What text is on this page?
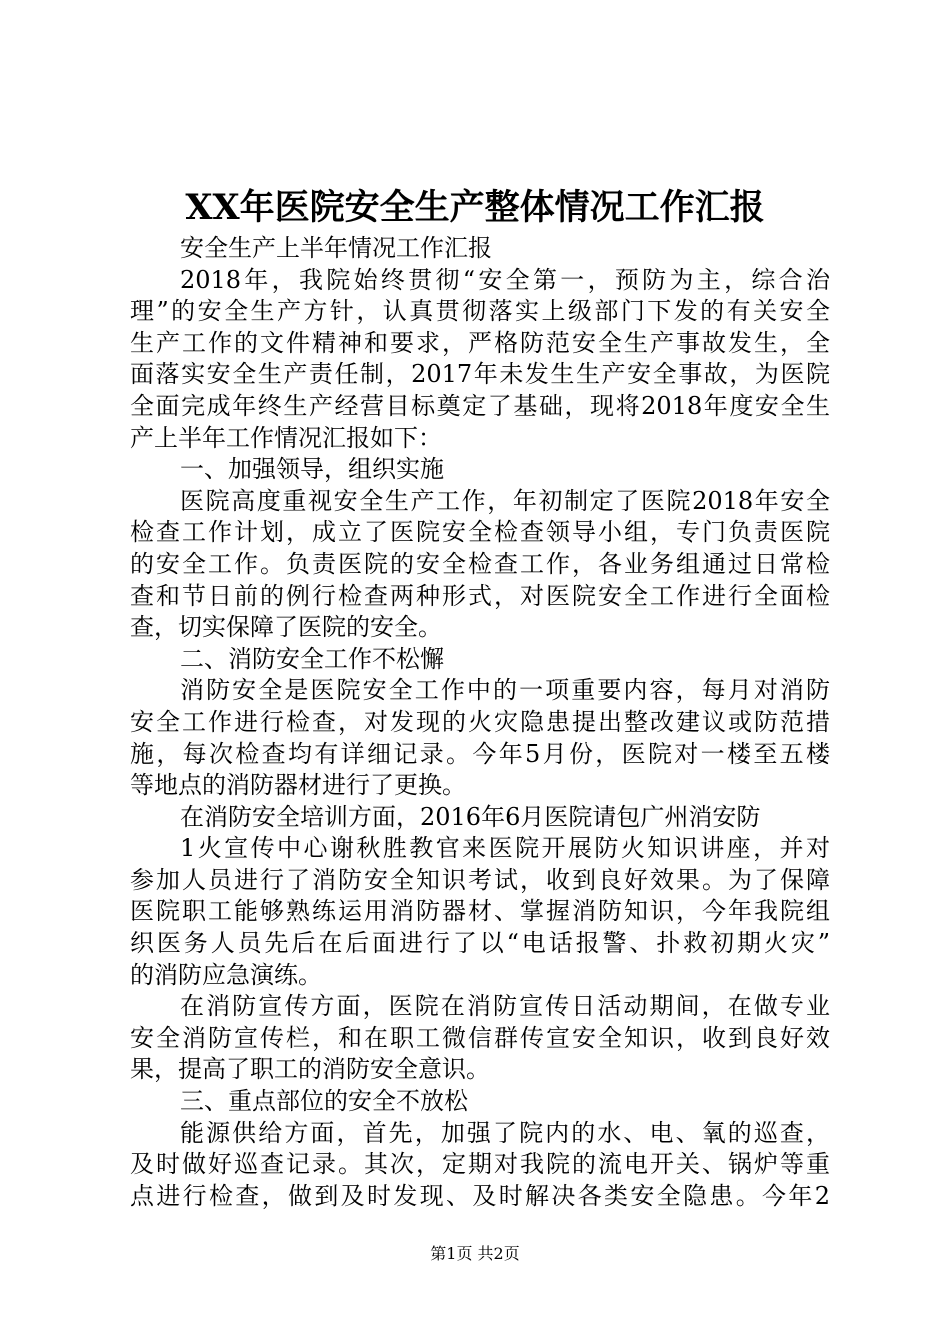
XX年医院安全生产整体情况工作汇报
安全生产上半年情况工作汇报
2018年，我院始终贯彻“安全第一，预防为主，综合治
理”的安全生产方针，认真贯彻落实上级部门下发的有关安全
生产工作的文件精神和要求，严格防范安全生产事故发生，全
面落实安全生产责任制，2017年未发生生产安全事故，为医院
全面完成年终生产经营目标奠定了基础，现将2018年度安全生
产上半年工作情况汇报如下：
一、加强领导，组织实施
医院高度重视安全生产工作，年初制定了医院2018年安全
检查工作计划，成立了医院安全检查领导小组，专门负责医院
的安全工作。负责医院的安全检查工作，各业务组通过日常检
查和节日前的例行检查两种形式，对医院安全工作进行全面检
查，切实保障了医院的安全。
二、消防安全工作不松懈
消防安全是医院安全工作中的一项重要内容，每月对消防
安全工作进行检查，对发现的火灾隐患提出整改建议或防范措
施，每次检查均有详细记录。今年5月份，医院对一楼至五楼
等地点的消防器材进行了更换。
在消防安全培训方面，2016年6月医院请包广州消安防
1火宣传中心谢秋胜教官来医院开展防火知识讲座，并对
参加人员进行了消防安全知识考试，收到良好效果。为了保障
医院职工能够熟练运用消防器材、掌握消防知识，今年我院组
织医务人员先后在后面进行了以“电话报警、扑救初期火灾”
的消防应急演练。
在消防宣传方面，医院在消防宣传日活动期间，在做专业
安全消防宣传栏，和在职工微信群传宣安全知识，收到良好效
果，提高了职工的消防安全意识。
三、重点部位的安全不放松
能源供给方面，首先，加强了院内的水、电、氧的巡查，
及时做好巡查记录。其次，定期对我院的流电开关、锅炉等重
点进行检查，做到及时发现、及时解决各类安全隐患。今年2
第1页 共2页
